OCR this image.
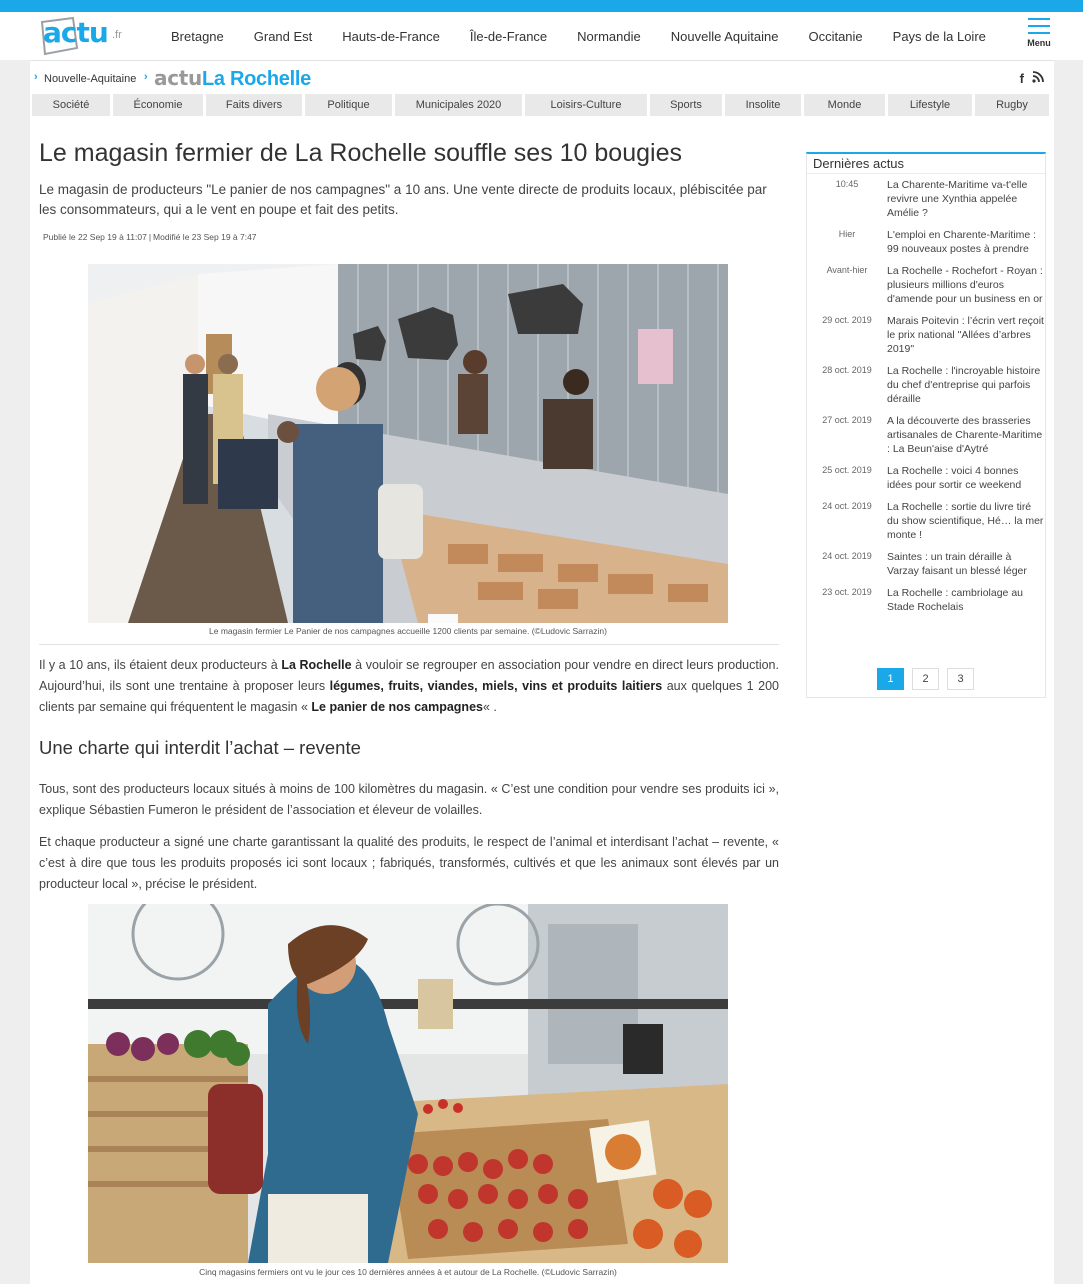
actu .fr	Bretagne	Grand Est	Hauts-de-France	Île-de-France	Normandie	Nouvelle Aquitaine	Occitanie	Pays de la Loire	Menu
› Nouvelle-Aquitaine › actuLa Rochelle	f
Société	Économie	Faits divers	Politique	Municipales 2020	Loisirs-Culture	Sports	Insolite	Monde	Lifestyle	Rugby
Le magasin fermier de La Rochelle souffle ses 10 bougies

Le magasin de producteurs "Le panier de nos campagnes" a 10 ans. Une vente directe de produits locaux, plébiscitée par les consommateurs, qui a le vent en poupe et fait des petits.

Publié le 22 Sep 19 à 11:07 | Modifié le 23 Sep 19 à 7:47
Le magasin fermier Le Panier de nos campagnes accueille 1200 clients par semaine. (©Ludovic Sarrazin)

Il y a 10 ans, ils étaient deux producteurs à La Rochelle à vouloir se regrouper en association pour vendre en direct leurs production. Aujourd’hui, ils sont une trentaine à proposer leurs légumes, fruits, viandes, miels, vins et produits laitiers aux quelques 1 200 clients par semaine qui fréquentent le magasin « Le panier de nos campagnes« .

Une charte qui interdit l’achat – revente

Tous, sont des producteurs locaux situés à moins de 100 kilomètres du magasin. « C’est une condition pour vendre ses produits ici », explique Sébastien Fumeron le président de l’association et éleveur de volailles.

Et chaque producteur a signé une charte garantissant la qualité des produits, le respect de l’animal et interdisant l’achat – revente, « c’est à dire que tous les produits proposés ici sont locaux ; fabriqués, transformés, cultivés et que les animaux sont élevés par un producteur local », précise le président.

Cinq magasins fermiers ont vu le jour ces 10 dernières années à et autour de La Rochelle. (©Ludovic Sarrazin)
Dernières actus
10:45	La Charente-Maritime va-t'elle revivre une Xynthia appelée Amélie ?
Hier	L'emploi en Charente-Maritime : 99 nouveaux postes à prendre
Avant-hier	La Rochelle - Rochefort - Royan : plusieurs millions d'euros d'amende pour un business en or
29 oct. 2019	Marais Poitevin : l’écrin vert reçoit le prix national "Allées d’arbres 2019"
28 oct. 2019	La Rochelle : l'incroyable histoire du chef d'entreprise qui parfois déraille
27 oct. 2019	A la découverte des brasseries artisanales de Charente-Maritime : La Beun'aise d'Aytré
25 oct. 2019	La Rochelle : voici 4 bonnes idées pour sortir ce weekend
24 oct. 2019	La Rochelle : sortie du livre tiré du show scientifique, Hé… la mer monte !
24 oct. 2019	Saintes : un train déraille à Varzay faisant un blessé léger
23 oct. 2019	La Rochelle : cambriolage au Stade Rochelais
1	2	3
